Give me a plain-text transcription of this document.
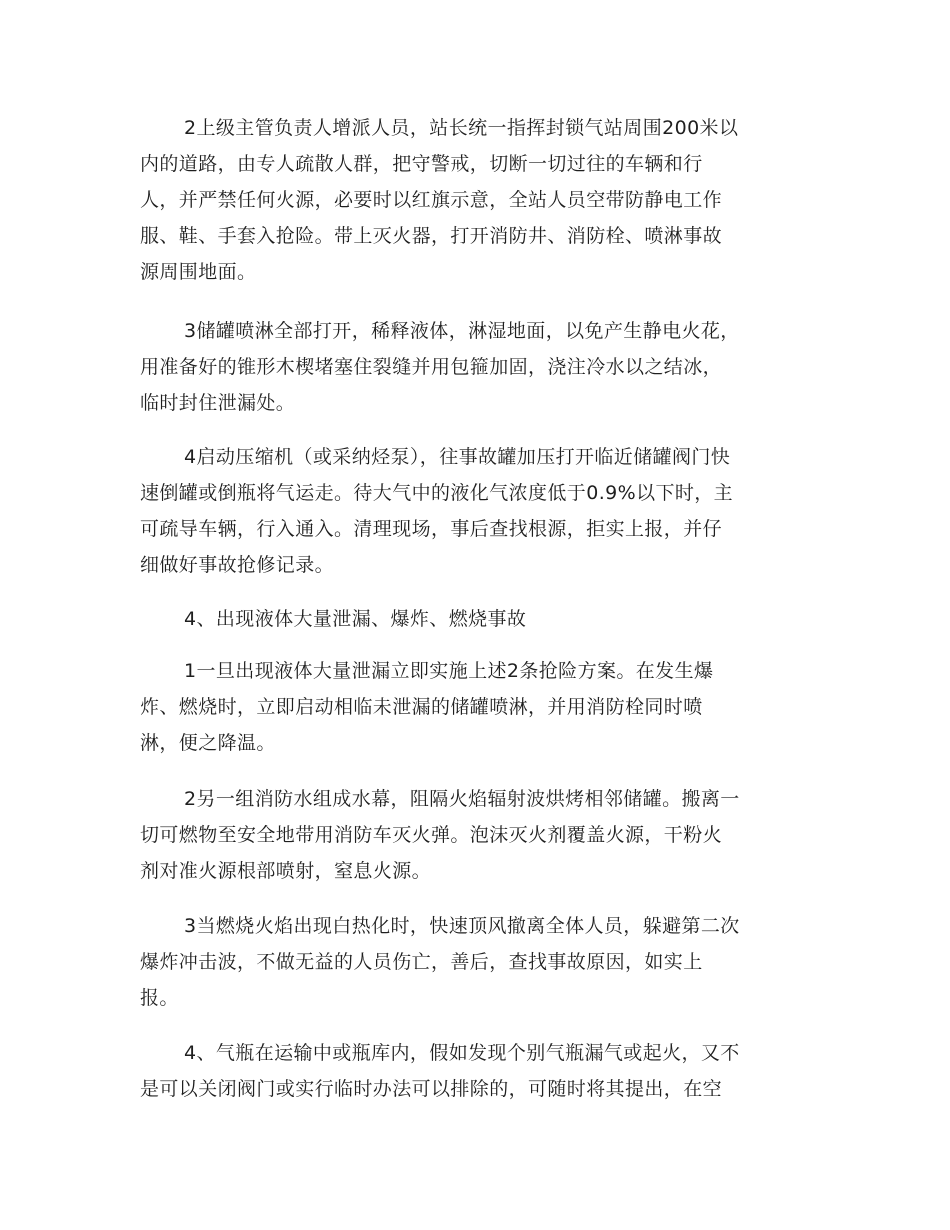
2上级主管负责人增派人员，站长统一指挥封锁气站周围200米以
内的道路，由专人疏散人群，把守警戒，切断一切过往的车辆和行
人，并严禁任何火源，必要时以红旗示意，全站人员空带防静电工作
服、鞋、手套入抢险。带上灭火器，打开消防井、消防栓、喷淋事故
源周围地面。

3储罐喷淋全部打开，稀释液体，淋湿地面，以免产生静电火花，
用准备好的锥形木楔堵塞住裂缝并用包箍加固，浇注冷水以之结冰，
临时封住泄漏处。

4启动压缩机（或采纳烃泵），往事故罐加压打开临近储罐阀门快
速倒罐或倒瓶将气运走。待大气中的液化气浓度低于0.9%以下时，主
可疏导车辆，行入通入。清理现场，事后查找根源，拒实上报，并仔
细做好事故抢修记录。

4、出现液体大量泄漏、爆炸、燃烧事故

1一旦出现液体大量泄漏立即实施上述2条抢险方案。在发生爆
炸、燃烧时，立即启动相临未泄漏的储罐喷淋，并用消防栓同时喷
淋，便之降温。

2另一组消防水组成水幕，阻隔火焰辐射波烘烤相邻储罐。搬离一
切可燃物至安全地带用消防车灭火弹。泡沫灭火剂覆盖火源，干粉火
剂对准火源根部喷射，窒息火源。

3当燃烧火焰出现白热化时，快速顶风撤离全体人员，躲避第二次
爆炸冲击波，不做无益的人员伤亡，善后，查找事故原因，如实上
报。

4、气瓶在运输中或瓶库内，假如发现个别气瓶漏气或起火，又不
是可以关闭阀门或实行临时办法可以排除的，可随时将其提出，在空
